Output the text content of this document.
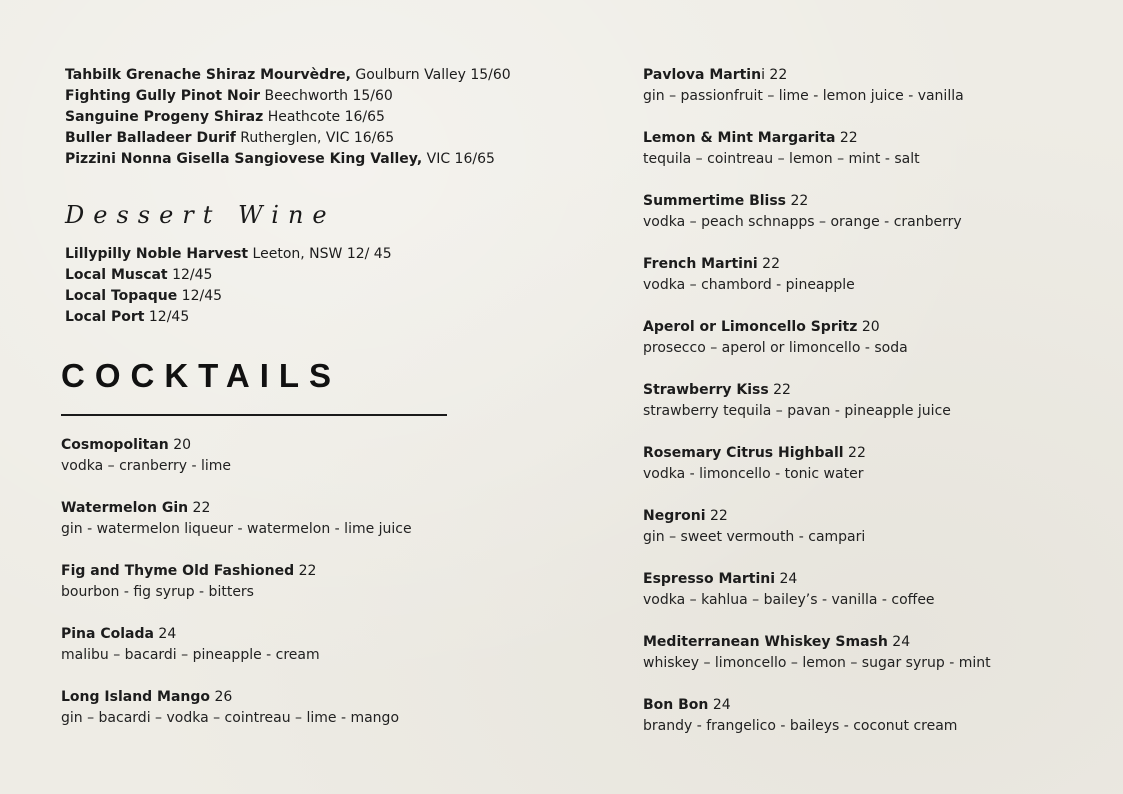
Tahbilk Grenache Shiraz Mourvèdre, Goulburn Valley 15/60
Fighting Gully Pinot Noir Beechworth 15/60
Sanguine Progeny Shiraz Heathcote 16/65
Buller Balladeer Durif Rutherglen, VIC 16/65
Pizzini Nonna Gisella Sangiovese King Valley, VIC 16/65
Dessert Wine
Lillypilly Noble Harvest Leeton, NSW 12/ 45
Local Muscat 12/45
Local Topaque 12/45
Local Port 12/45
COCKTAILS
Cosmopolitan 20
vodka – cranberry - lime
Watermelon Gin 22
gin - watermelon liqueur - watermelon - lime juice
Fig and Thyme Old Fashioned 22
bourbon - fig syrup - bitters
Pina Colada 24
malibu – bacardi – pineapple - cream
Long Island Mango 26
gin – bacardi – vodka – cointreau – lime - mango
Pavlova Martini 22
gin – passionfruit – lime - lemon juice - vanilla
Lemon & Mint Margarita 22
tequila – cointreau – lemon – mint - salt
Summertime Bliss 22
vodka – peach schnapps – orange - cranberry
French Martini 22
vodka – chambord - pineapple
Aperol or Limoncello Spritz 20
prosecco – aperol or limoncello - soda
Strawberry Kiss 22
strawberry tequila – pavan - pineapple juice
Rosemary Citrus Highball 22
vodka - limoncello - tonic water
Negroni 22
gin – sweet vermouth - campari
Espresso Martini 24
vodka – kahlua – bailey’s - vanilla - coffee
Mediterranean Whiskey Smash 24
whiskey – limoncello – lemon – sugar syrup - mint
Bon Bon 24
brandy - frangelico - baileys - coconut cream
